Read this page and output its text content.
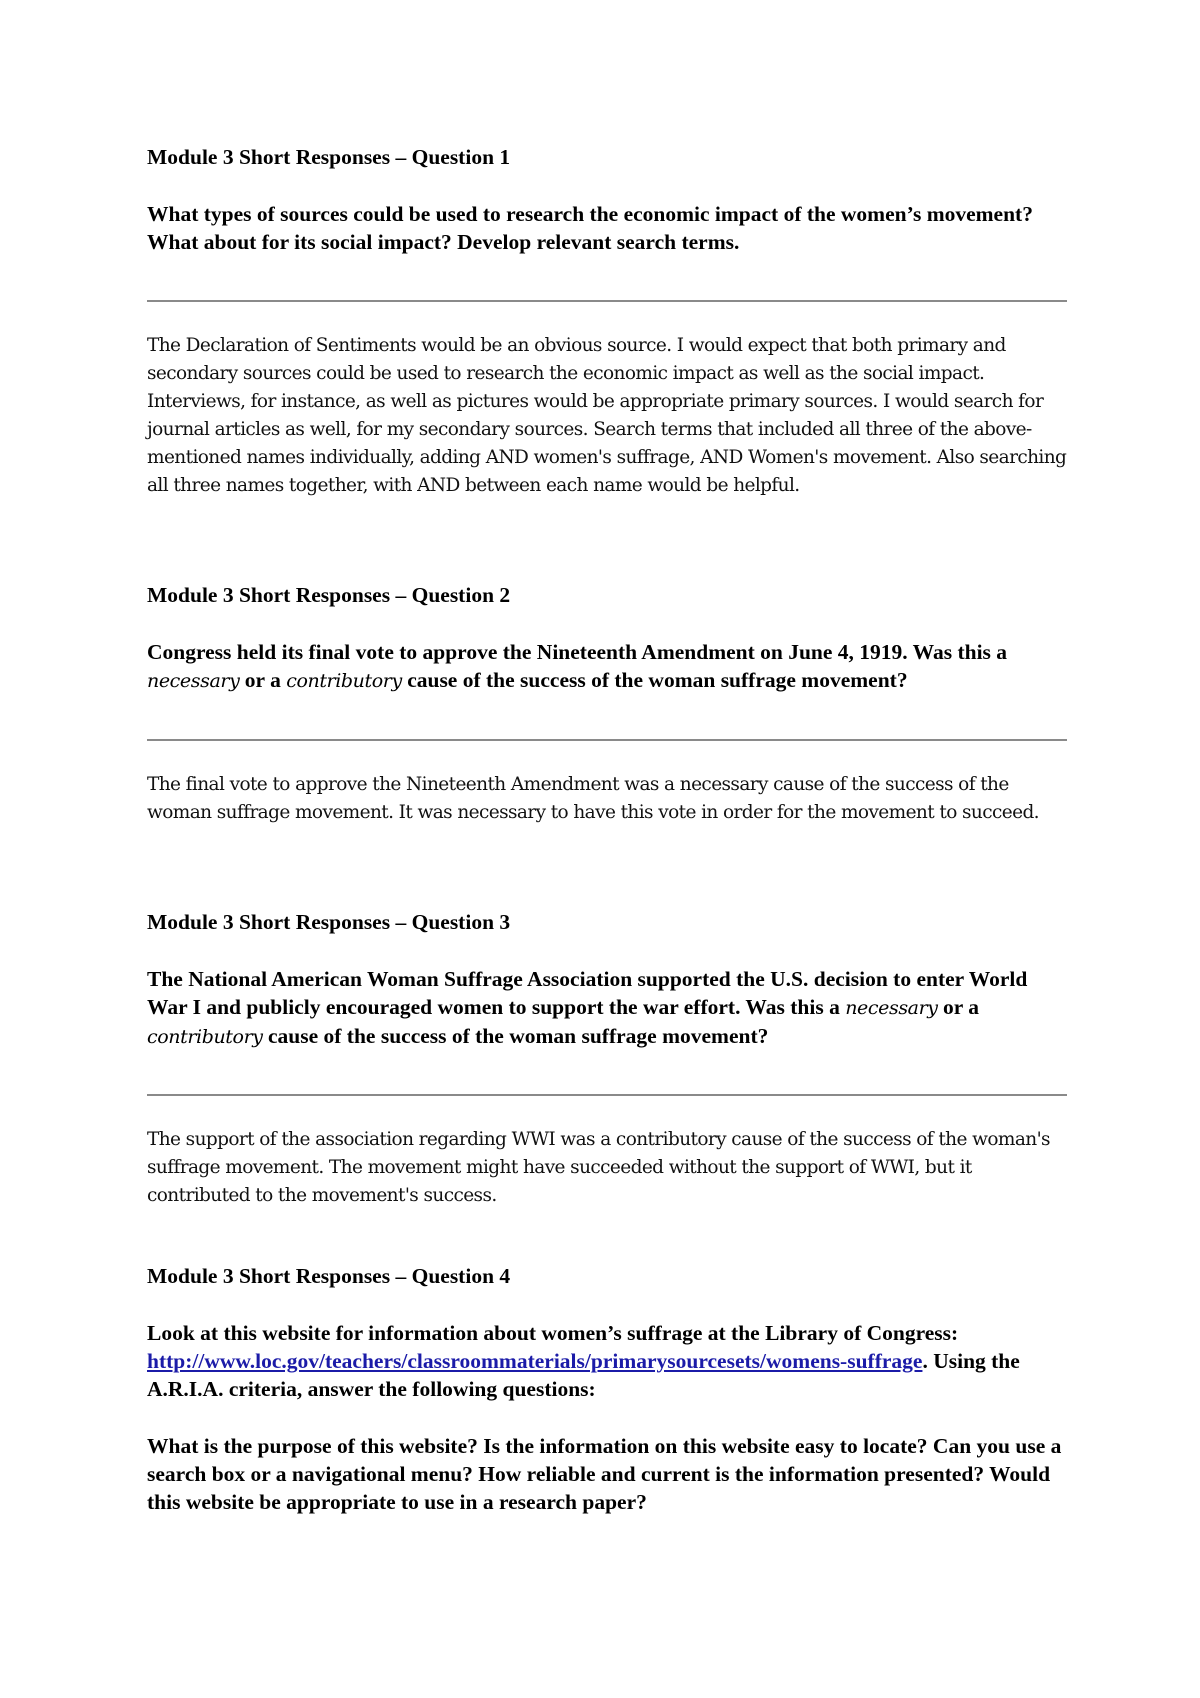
Module 3 Short Responses – Question 1

What types of sources could be used to research the economic impact of the women’s movement? What about for its social impact? Develop relevant search terms.

The Declaration of Sentiments would be an obvious source. I would expect that both primary and secondary sources could be used to research the economic impact as well as the social impact. Interviews, for instance, as well as pictures would be appropriate primary sources. I would search for journal articles as well, for my secondary sources. Search terms that included all three of the above-mentioned names individually, adding AND women's suffrage, AND Women's movement. Also searching all three names together, with AND between each name would be helpful.

Module 3 Short Responses – Question 2

Congress held its final vote to approve the Nineteenth Amendment on June 4, 1919. Was this a necessary or a contributory cause of the success of the woman suffrage movement?

The final vote to approve the Nineteenth Amendment was a necessary cause of the success of the woman suffrage movement. It was necessary to have this vote in order for the movement to succeed.

Module 3 Short Responses – Question 3

The National American Woman Suffrage Association supported the U.S. decision to enter World War I and publicly encouraged women to support the war effort. Was this a necessary or a contributory cause of the success of the woman suffrage movement?

The support of the association regarding WWI was a contributory cause of the success of the woman's suffrage movement. The movement might have succeeded without the support of WWI, but it contributed to the movement's success.

Module 3 Short Responses – Question 4

Look at this website for information about women’s suffrage at the Library of Congress: http://www.loc.gov/teachers/classroommaterials/primarysourcesets/womens-suffrage. Using the A.R.I.A. criteria, answer the following questions:

What is the purpose of this website? Is the information on this website easy to locate? Can you use a search box or a navigational menu? How reliable and current is the information presented? Would this website be appropriate to use in a research paper?
